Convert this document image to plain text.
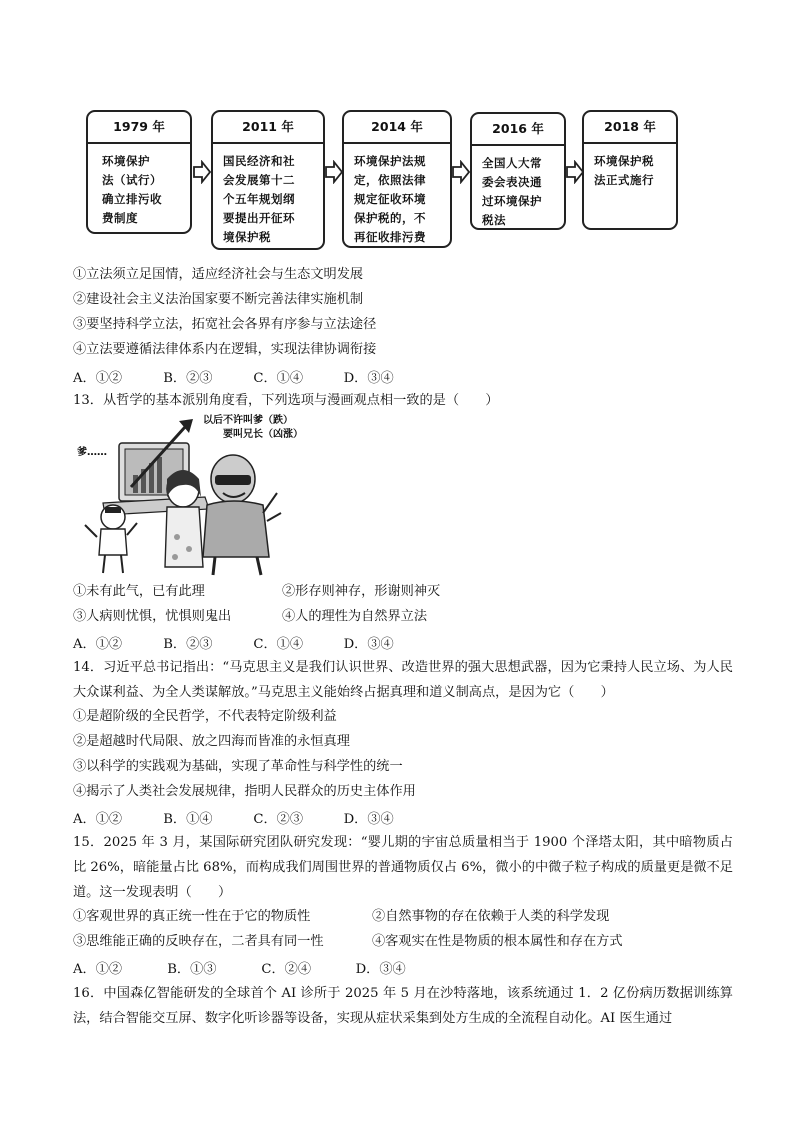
1979 年
环境保护
法（试行）
确立排污收
费制度
2011 年
国民经济和社
会发展第十二
个五年规划纲
要提出开征环
境保护税
2014 年
环境保护法规
定，依照法律
规定征收环境
保护税的，不
再征收排污费
2016 年
全国人大常
委会表决通
过环境保护
税法
2018 年
环境保护税
法正式施行
①立法须立足国情，适应经济社会与生态文明发展
②建设社会主义法治国家要不断完善法律实施机制
③要坚持科学立法，拓宽社会各界有序参与立法途径
④立法要遵循法律体系内在逻辑，实现法律协调衔接
A．①②	B．②③	C．①④	D．③④
13．从哲学的基本派别角度看，下列选项与漫画观点相一致的是（　　）
以后不许叫爹（跌）
要叫兄长（凶涨）
爹……
①未有此气，已有此理	②形存则神存，形谢则神灭
③人病则忧惧，忧惧则鬼出	④人的理性为自然界立法
A．①②	B．②③	C．①④	D．③④
14．习近平总书记指出：“马克思主义是我们认识世界、改造世界的强大思想武器，因为它秉持人民立场、为人民大众谋利益、为全人类谋解放。”马克思主义能始终占据真理和道义制高点，是因为它（　　）
①是超阶级的全民哲学，不代表特定阶级利益
②是超越时代局限、放之四海而皆准的永恒真理
③以科学的实践观为基础，实现了革命性与科学性的统一
④揭示了人类社会发展规律，指明人民群众的历史主体作用
A．①②	B．①④	C．②③	D．③④
15．2025 年 3 月，某国际研究团队研究发现：“婴儿期的宇宙总质量相当于 1900 个泽塔太阳，其中暗物质占比 26%，暗能量占比 68%，而构成我们周围世界的普通物质仅占 6%，微小的中微子粒子构成的质量更是微不足道。这一发现表明（　　）
①客观世界的真正统一性在于它的物质性	②自然事物的存在依赖于人类的科学发现
③思维能正确的反映存在，二者具有同一性	④客观实在性是物质的根本属性和存在方式
A．①②	B．①③	C．②④	D．③④
16．中国森亿智能研发的全球首个 AI 诊所于 2025 年 5 月在沙特落地，该系统通过 1．2 亿份病历数据训练算法，结合智能交互屏、数字化听诊器等设备，实现从症状采集到处方生成的全流程自动化。AI 医生通过
